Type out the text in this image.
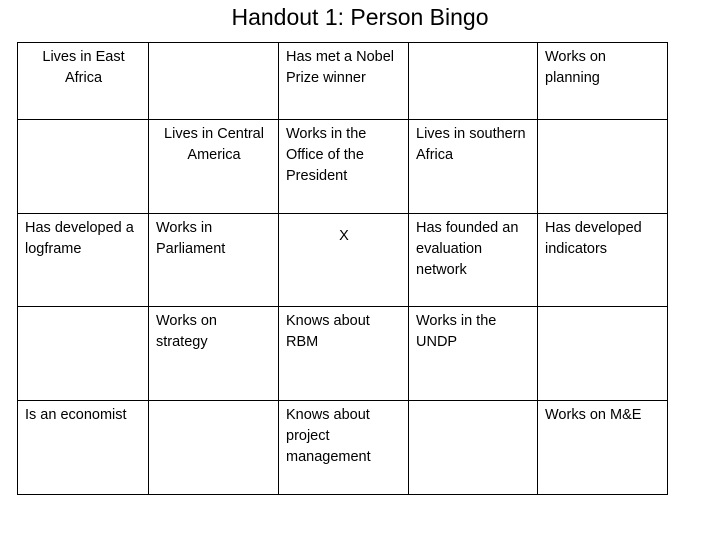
Handout 1: Person Bingo
Lives in East Africa		Has met a Nobel Prize winner		Works on planning
	Lives in Central America	Works in the Office of the President	Lives in southern Africa	
Has developed a logframe	Works in Parliament	X	Has founded an evaluation network	Has developed indicators
	Works on strategy	Knows about RBM	Works in the UNDP	
Is an economist		Knows about project management		Works on M&E
